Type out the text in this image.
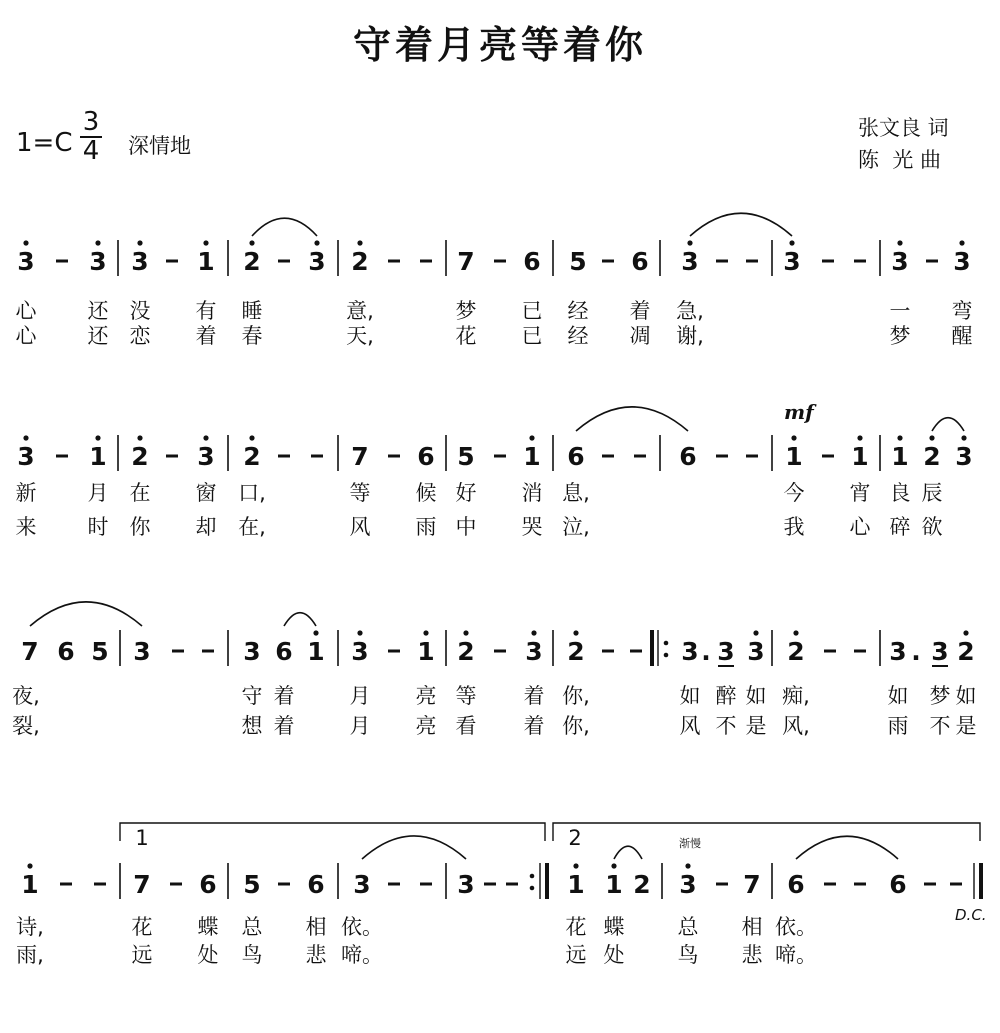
守着月亮等着你
1=C
3
4 深情地
张文良 词
陈  光 曲
D.C.
3 3 3 1 2 3 2	7 6 5 6 3	3	3 3
心 还 没 有 睡	意,	梦 已 经 着 急,	一 弯
心 还 恋 着 春	天,	花 已 经 凋 谢,	梦 醒
3 1 2 3 2	7 6 5 1 6	6	1 1 1 2 3
mf
新 月 在 窗 口,	等 候 好 消 息,	今 宵 良 辰
来 时 你 却 在,	风 雨 中 哭 泣,	我 心 碎 欲
7 6 5 3	3 6 1 3 1 2 3 2	3 . 3 3 2	3 . 3 2
夜,	守 着	月 亮 等 着 你,	如 醉 如 痴,	如 梦 如
裂,	想 着	月 亮 看 着 你,	风 不 是 风,	雨 不 是
1	7 6 5 6 3	3	1 1 2 3 7 6	6
渐慢
1	2
诗,	花 蝶 总 相 依。	花 蝶	总 相 依。
雨,	远 处 鸟 悲 啼。	远 处	鸟 悲 啼。
